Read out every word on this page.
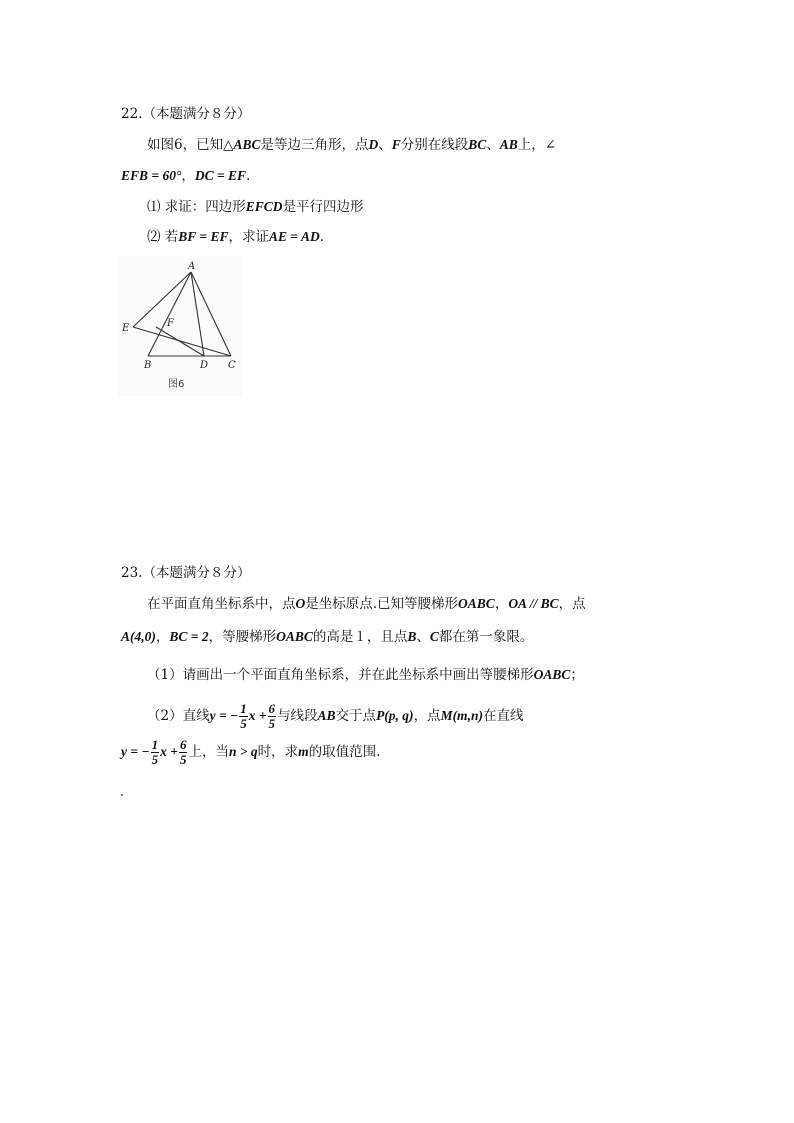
22.（本题满分８分）
如图6，已知△ABC是等边三角形，点D、F分别在线段BC、AB上，∠
EFB = 60°，DC = EF.
⑴ 求证：四边形EFCD是平行四边形
⑵ 若BF = EF，求证AE = AD.
A
E	F
B	D C
图6
23.（本题满分８分）
在平面直角坐标系中，点O是坐标原点.已知等腰梯形OABC，OA // BC，点
A(4,0)，BC = 2，等腰梯形OABC的高是１，且点B、C都在第一象限。
（1）请画出一个平面直角坐标系，并在此坐标系中画出等腰梯形OABC；
（2）直线y = − $\frac{1}{5}$ $x + \frac{6}{5}$ 与线段AB交于点P(p, q)，点M(m,n)在直线
y = − $\frac{1}{5}$ $x + \frac{6}{5}$ 上，当n > q时，求m的取值范围.
